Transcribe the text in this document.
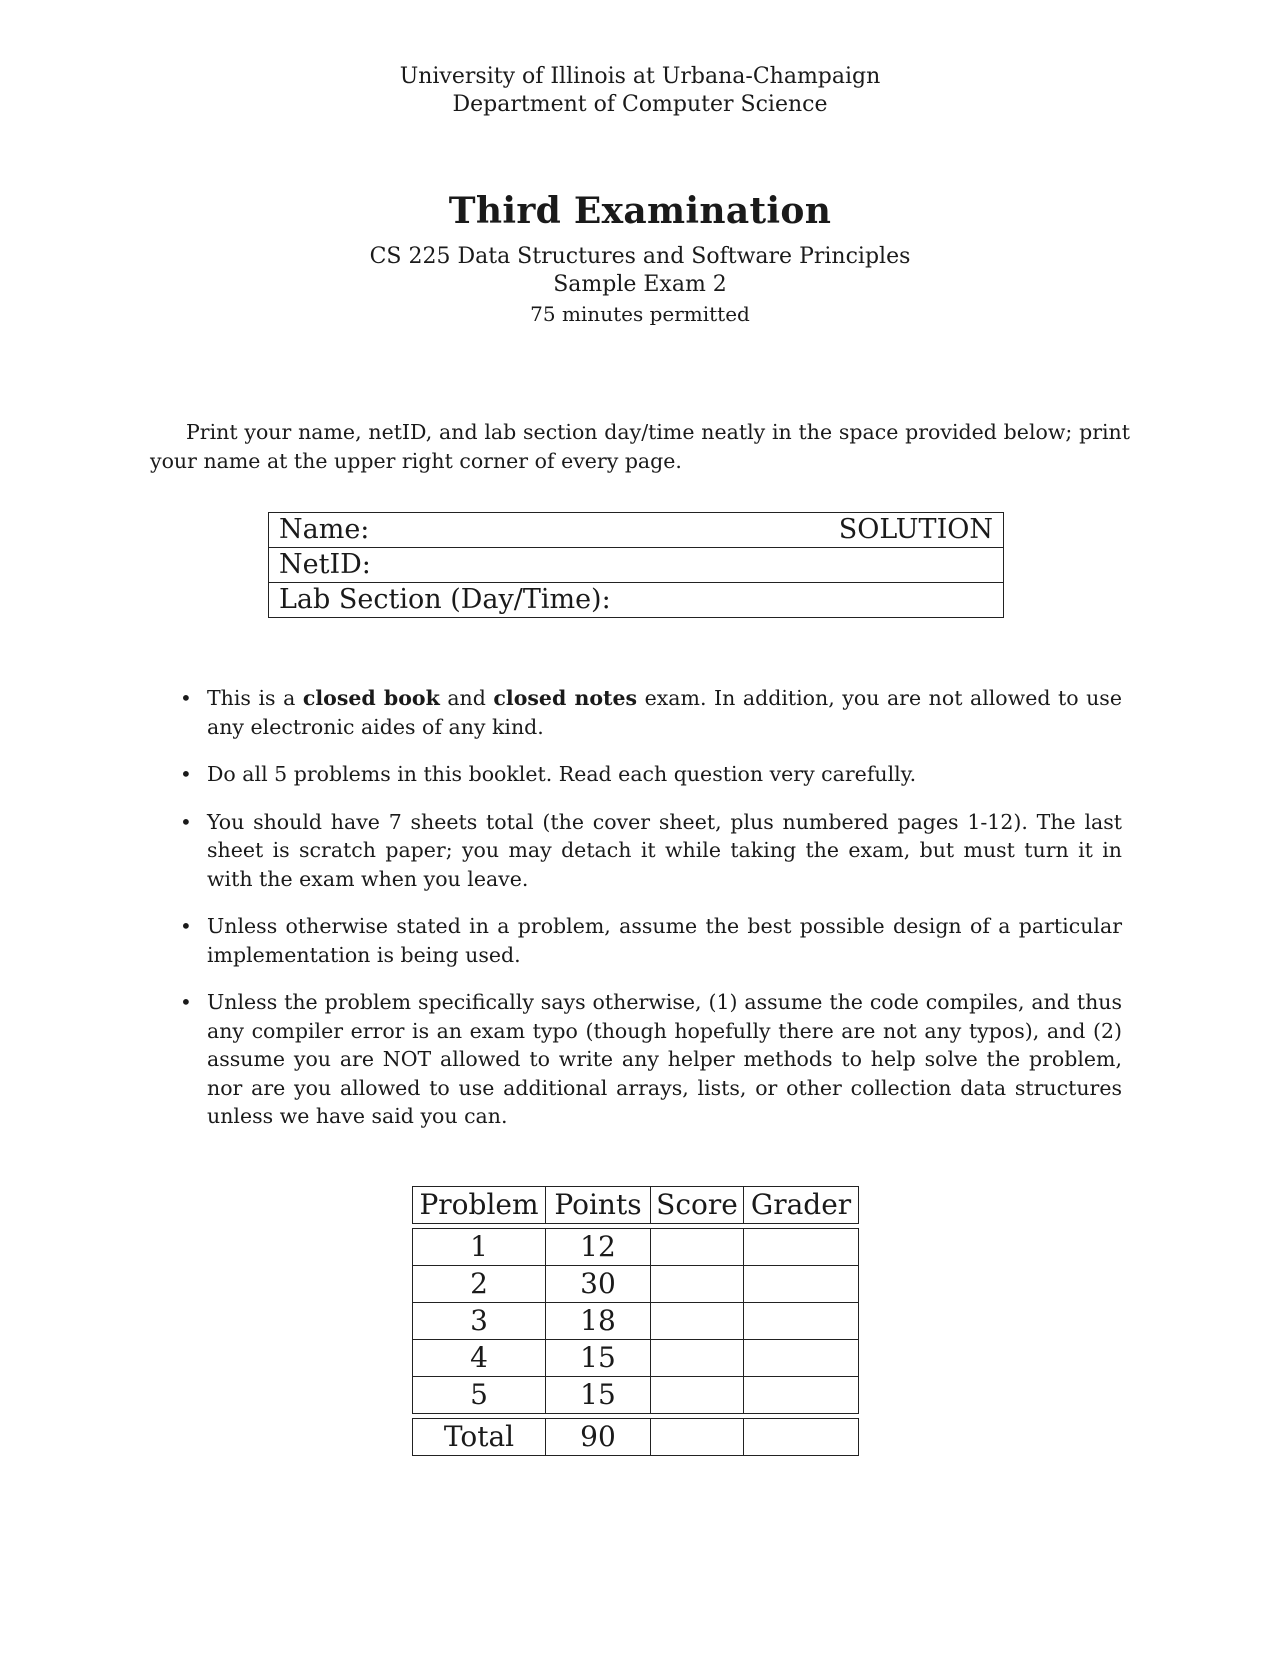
University of Illinois at Urbana-Champaign
Department of Computer Science
Third Examination
CS 225 Data Structures and Software Principles
Sample Exam 2
75 minutes permitted

Print your name, netID, and lab section day/time neatly in the space provided below; print your name at the upper right corner of every page.

Name:	SOLUTION

NetID:
Lab Section (Day/Time):
• This is a closed book and closed notes exam. In addition, you are not allowed to use any electronic aides of any kind.
• Do all 5 problems in this booklet. Read each question very carefully.
• You should have 7 sheets total (the cover sheet, plus numbered pages 1-12). The last sheet is scratch paper; you may detach it while taking the exam, but must turn it in with the exam when you leave.
• Unless otherwise stated in a problem, assume the best possible design of a particular implementation is being used.
• Unless the problem specifically says otherwise, (1) assume the code compiles, and thus any compiler error is an exam typo (though hopefully there are not any typos), and (2) assume you are NOT allowed to write any helper methods to help solve the problem, nor are you allowed to use additional arrays, lists, or other collection data structures unless we have said you can.
Problem	Points	Score	Grader

1	12		
2	30		
3	18		
4	15		
5	15		

Total	90		
